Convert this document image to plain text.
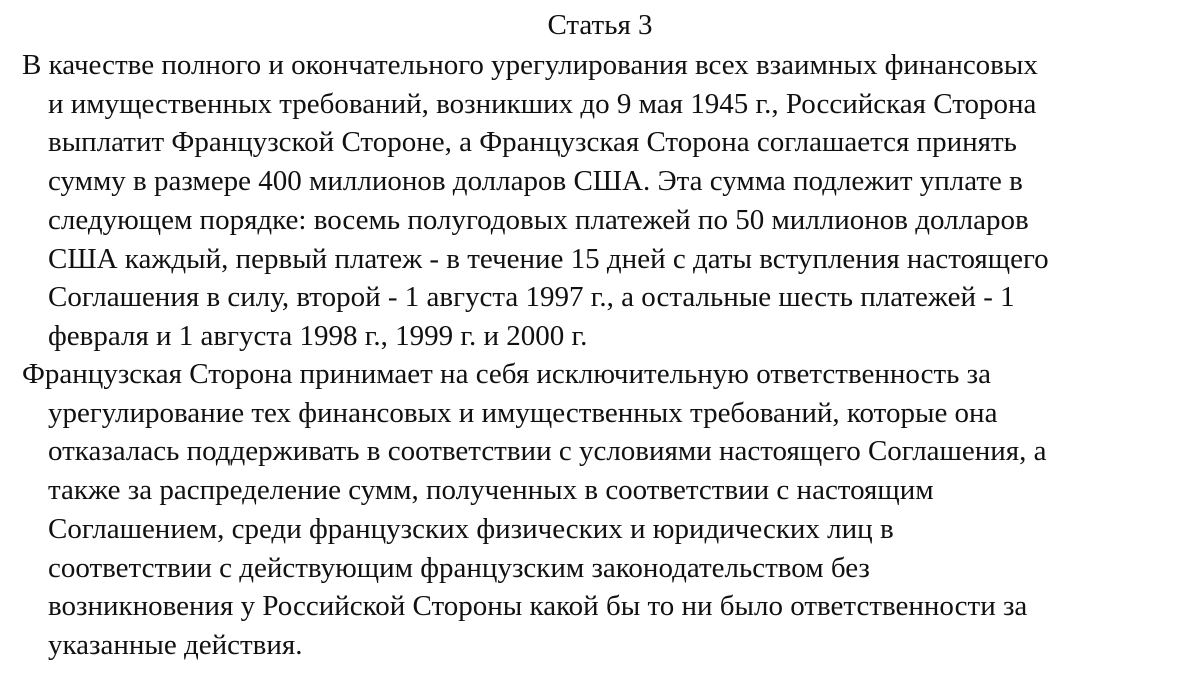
Статья 3
В качестве полного и окончательного урегулирования всех взаимных финансовых
и имущественных требований, возникших до 9 мая 1945 г., Российская Сторона
выплатит Французской Стороне, а Французская Сторона соглашается принять
сумму в размере 400 миллионов долларов США. Эта сумма подлежит уплате в
следующем порядке: восемь полугодовых платежей по 50 миллионов долларов
США каждый, первый платеж - в течение 15 дней с даты вступления настоящего
Соглашения в силу, второй - 1 августа 1997 г., а остальные шесть платежей - 1
февраля и 1 августа 1998 г., 1999 г. и 2000 г.
Французская Сторона принимает на себя исключительную ответственность за
урегулирование тех финансовых и имущественных требований, которые она
отказалась поддерживать в соответствии с условиями настоящего Соглашения, а
также за распределение сумм, полученных в соответствии с настоящим
Соглашением, среди французских физических и юридических лиц в
соответствии с действующим французским законодательством без
возникновения у Российской Стороны какой бы то ни было ответственности за
указанные действия.
